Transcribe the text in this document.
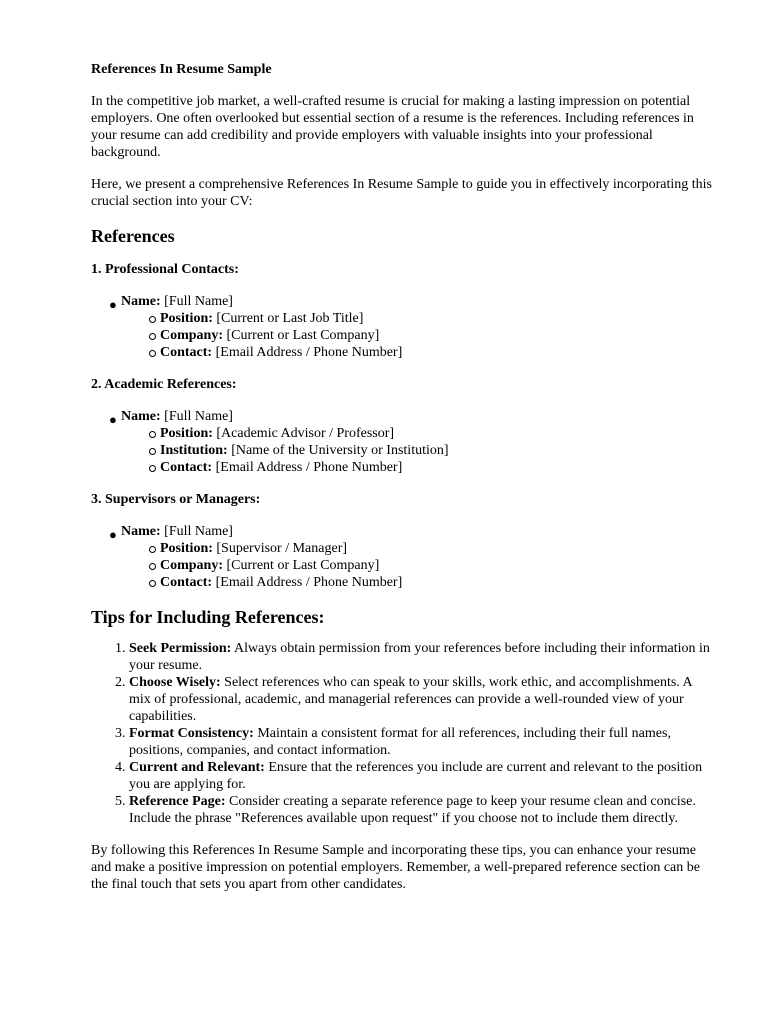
References In Resume Sample

In the competitive job market, a well-crafted resume is crucial for making a lasting impression on potential employers. One often overlooked but essential section of a resume is the references. Including references in your resume can add credibility and provide employers with valuable insights into your professional background.

Here, we present a comprehensive References In Resume Sample to guide you in effectively incorporating this crucial section into your CV:

References

1. Professional Contacts:

● Name: [Full Name]
Position: [Current or Last Job Title]
Company: [Current or Last Company]
Contact: [Email Address / Phone Number]

2. Academic References:

● Name: [Full Name]
Position: [Academic Advisor / Professor]
Institution: [Name of the University or Institution]
Contact: [Email Address / Phone Number]

3. Supervisors or Managers:

● Name: [Full Name]
Position: [Supervisor / Manager]
Company: [Current or Last Company]
Contact: [Email Address / Phone Number]
Tips for Including References:
1. Seek Permission: Always obtain permission from your references before including their information in your resume.
2. Choose Wisely: Select references who can speak to your skills, work ethic, and accomplishments. A mix of professional, academic, and managerial references can provide a well-rounded view of your capabilities.
3. Format Consistency: Maintain a consistent format for all references, including their full names, positions, companies, and contact information.
4. Current and Relevant: Ensure that the references you include are current and relevant to the position you are applying for.
5. Reference Page: Consider creating a separate reference page to keep your resume clean and concise. Include the phrase "References available upon request" if you choose not to include them directly.

By following this References In Resume Sample and incorporating these tips, you can enhance your resume and make a positive impression on potential employers. Remember, a well-prepared reference section can be the final touch that sets you apart from other candidates.
